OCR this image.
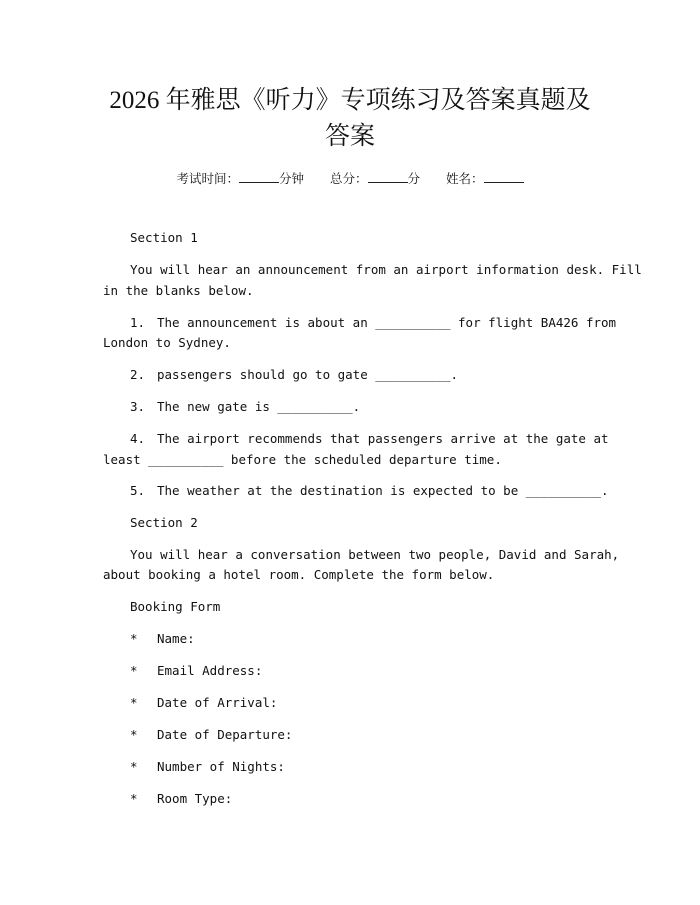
2026 年雅思《听力》专项练习及答案真题及
答案
考试时间：	分钟 总分：	分 姓名：
Section 1
You will hear an announcement from an airport information desk. Fill
in the blanks below.
1. The announcement is about an __________ for flight BA426 from
London to Sydney.
2. passengers should go to gate __________.
3. The new gate is __________.
4. The airport recommends that passengers arrive at the gate at
least __________ before the scheduled departure time.
5. The weather at the destination is expected to be __________.
Section 2
You will hear a conversation between two people, David and Sarah,
about booking a hotel room. Complete the form below.
Booking Form
* Name:
* Email Address:
* Date of Arrival:
* Date of Departure:
* Number of Nights:
* Room Type:
